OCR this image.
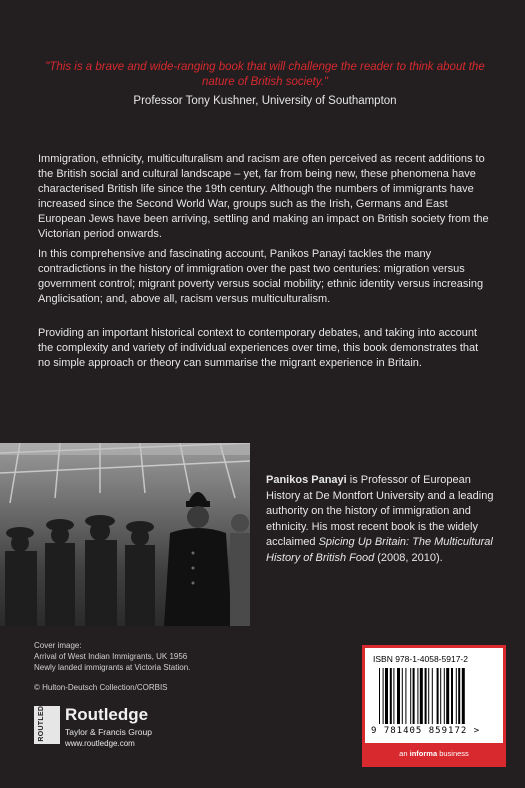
"This is a brave and wide-ranging book that will challenge the reader to think about the nature of British society."
Professor Tony Kushner, University of Southampton

Immigration, ethnicity, multiculturalism and racism are often perceived as recent additions to the British social and cultural landscape – yet, far from being new, these phenomena have characterised British life since the 19th century. Although the numbers of immigrants have increased since the Second World War, groups such as the Irish, Germans and East European Jews have been arriving, settling and making an impact on British society from the Victorian period onwards.

In this comprehensive and fascinating account, Panikos Panayi tackles the many contradictions in the history of immigration over the past two centuries: migration versus government control; migrant poverty versus social mobility; ethnic identity versus increasing Anglicisation; and, above all, racism versus multiculturalism.

Providing an important historical context to contemporary debates, and taking into account the complexity and variety of individual experiences over time, this book demonstrates that no simple approach or theory can summarise the migrant experience in Britain.

Panikos Panayi is Professor of European History at De Montfort University and a leading authority on the history of immigration and ethnicity. His most recent book is the widely acclaimed Spicing Up Britain: The Multicultural History of British Food (2008, 2010).
Cover image:
Arrival of West Indian Immigrants, UK 1956
Newly landed immigrants at Victoria Station.
© Hulton-Deutsch Collection/CORBIS
ROUTLEDGE Routledge
Taylor & Francis Group
www.routledge.com
ISBN 978-1-4058-5917-2
9 781405 859172 >
an informa business
